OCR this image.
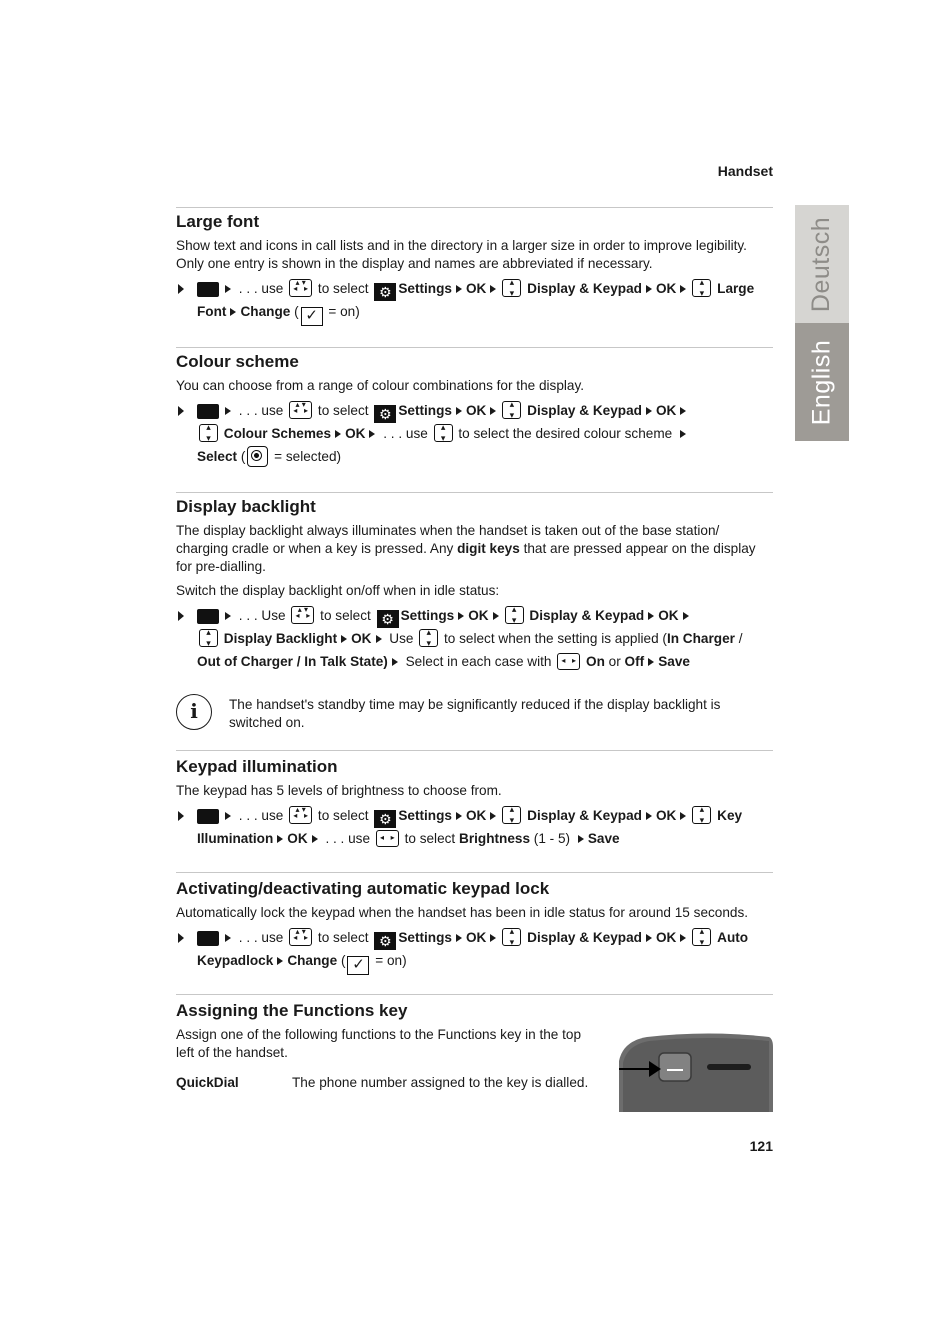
Handset
Deutsch
English
Large font

Show text and icons in call lists and in the directory in a larger size in order to improve legibility. Only one entry is shown in the display and names are abbreviated if necessary.

. . . use ▴ ▾ ◂   ▸ to select ⚙ Settings OK ▴ ▾	Display & Keypad OK▴ ▾	Large Font Change ( ✓ = on)
Colour scheme

You can choose from a range of colour combinations for the display.

. . . use ▴ ▾ ◂   ▸ to select ⚙ Settings OK ▴ ▾	Display & Keypad OK
▴ ▾ Colour Schemes OK . . . use ▴ ▾ to select the desired colour scheme
Select ( = selected)
Display backlight

The display backlight always illuminates when the handset is taken out of the base station/ charging cradle or when a key is pressed. Any digit keys that are pressed appear on the display for pre-dialling.

Switch the display backlight on/off when in idle status:

. . . Use ▴ ▾ ◂   ▸ to select ⚙ Settings OK ▴ ▾	Display & Keypad OK
▴ ▾ Display Backlight OK Use ▴ ▾ to select when the setting is applied (In Charger /
Out of Charger / In Talk State) Select in each case with ◂   ▸ On or Off Save
i	The handset's standby time may be significantly reduced if the display backlight is switched on.
Keypad illumination

The keypad has 5 levels of brightness to choose from.

. . . use ▴ ▾ ◂   ▸ to select ⚙ Settings OK ▴ ▾	Display & Keypad OK▴ ▾	Key Illumination OK . . . use ◂   ▸ to select Brightness (1 - 5) Save
Activating/deactivating automatic keypad lock

Automatically lock the keypad when the handset has been in idle status for around 15 seconds.

. . . use ▴ ▾ ◂   ▸ to select ⚙ Settings OK ▴ ▾	Display & Keypad OK▴ ▾	Auto Keypadlock Change ( ✓ = on)
Assigning the Functions key

Assign one of the following functions to the Functions key in the top left of the handset.

QuickDial	The phone number assigned to the key is dialled.
121
